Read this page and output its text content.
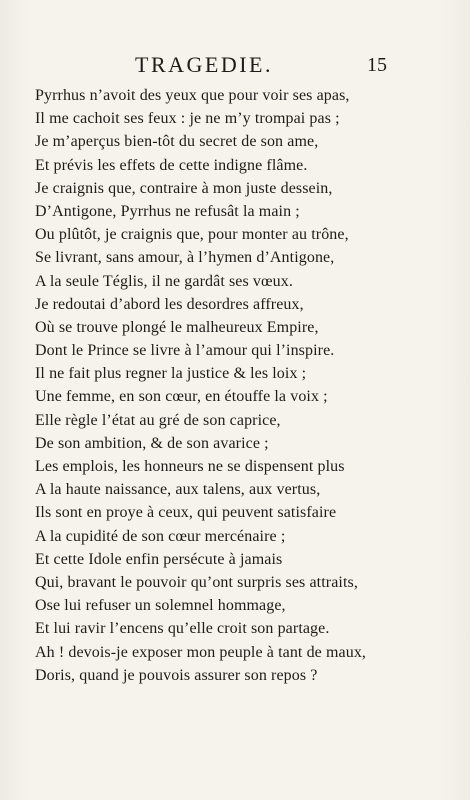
TRAGEDIE.	15
Pyrrhus n’avoit des yeux que pour voir ses apas,
Il me cachoit ses feux : je ne m’y trompai pas ;
Je m’aperçus bien-tôt du secret de son ame,
Et prévis les effets de cette indigne flâme.
Je craignis que, contraire à mon juste dessein,
D’Antigone, Pyrrhus ne refusât la main ;
Ou plûtôt, je craignis que, pour monter au trône,
Se livrant, sans amour, à l’hymen d’Antigone,
A la seule Téglis, il ne gardât ses vœux.
Je redoutai d’abord les desordres affreux,
Où se trouve plongé le malheureux Empire,
Dont le Prince se livre à l’amour qui l’inspire.
Il ne fait plus regner la justice & les loix ;
Une femme, en son cœur, en étouffe la voix ;
Elle règle l’état au gré de son caprice,
De son ambition, & de son avarice ;
Les emplois, les honneurs ne se dispensent plus
A la haute naissance, aux talens, aux vertus,
Ils sont en proye à ceux, qui peuvent satisfaire
A la cupidité de son cœur mercénaire ;
Et cette Idole enfin persécute à jamais
Qui, bravant le pouvoir qu’ont surpris ses attraits,
Ose lui refuser un solemnel hommage,
Et lui ravir l’encens qu’elle croit son partage.
Ah ! devois-je exposer mon peuple à tant de maux,
Doris, quand je pouvois assurer son repos ?
